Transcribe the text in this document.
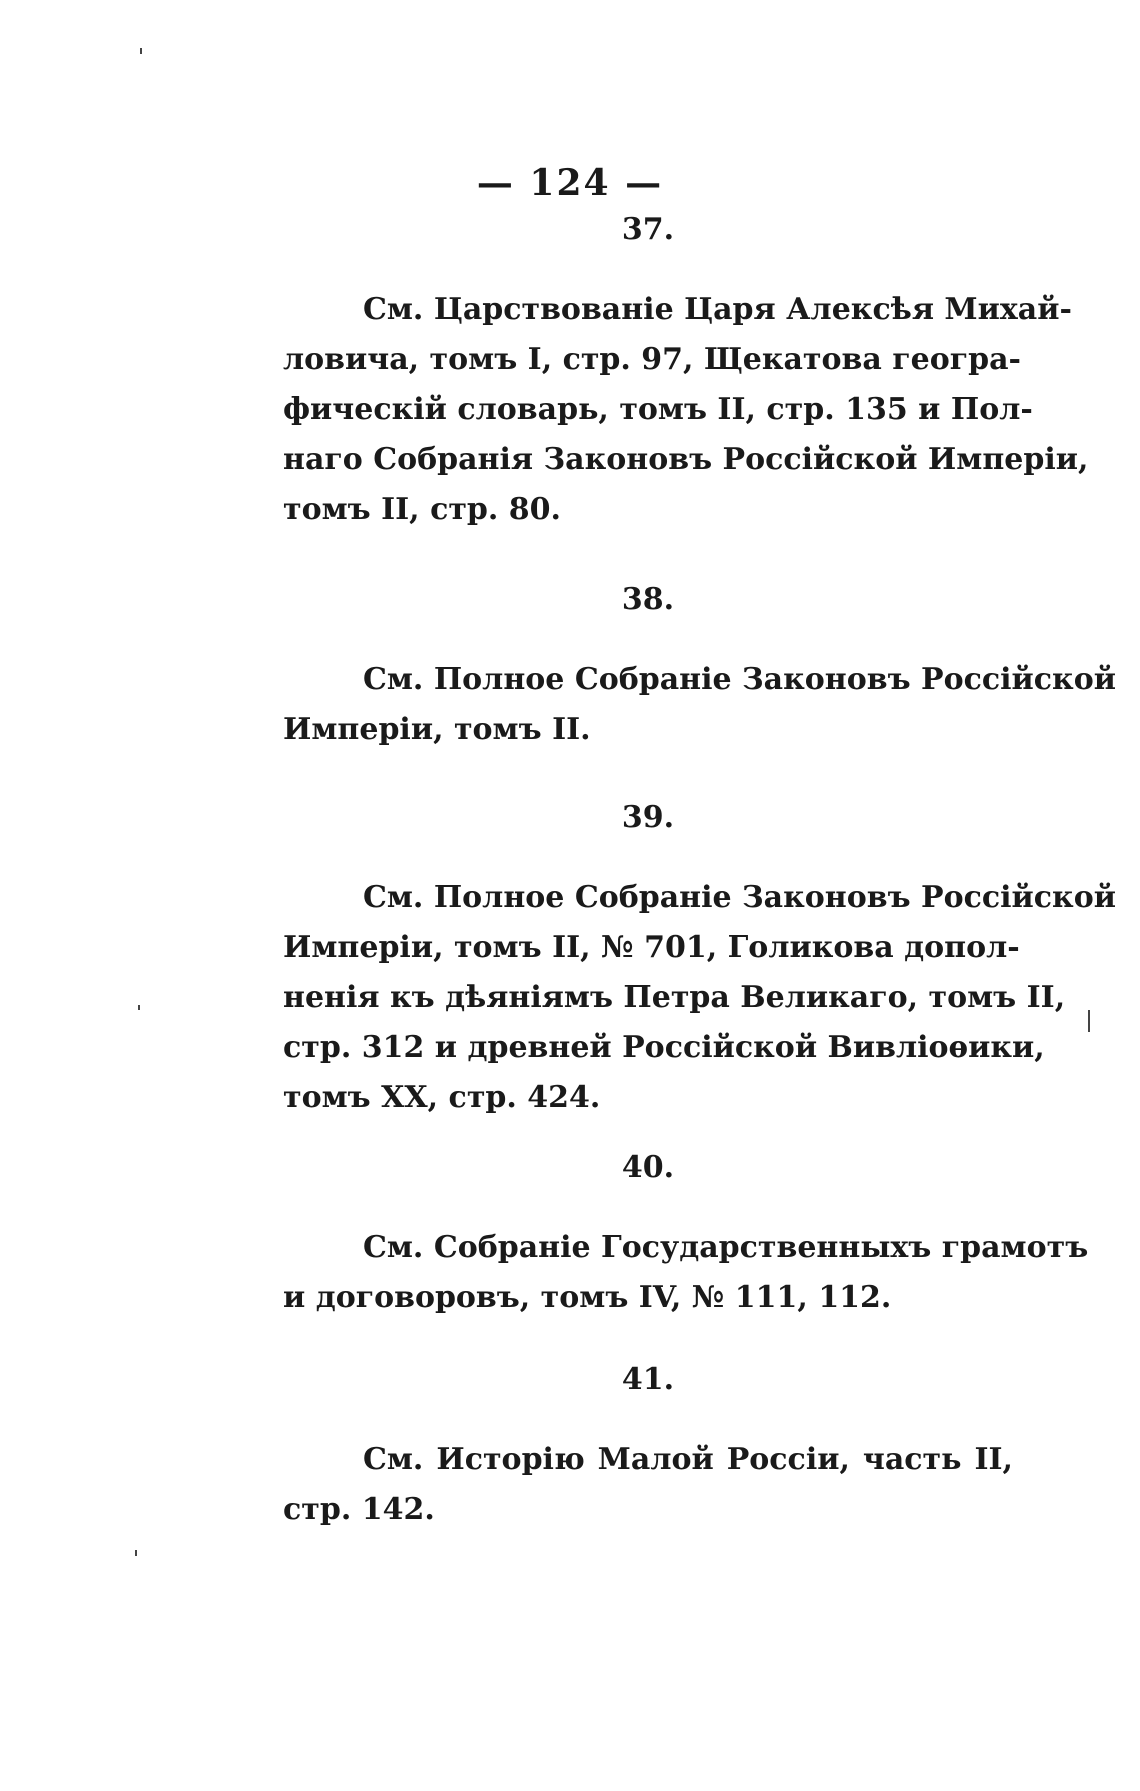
— 124 —
37.
См. Царствованіе Царя Алексѣя Михай-
ловича, томъ I, стр. 97, Щекатова геогра-
фическій словарь, томъ II, стр. 135 и Пол-
наго Собранія Законовъ Россійской Имперіи,
томъ II, стр. 80.
38.
См. Полное Собраніе Законовъ Россійской
Имперіи, томъ II.
39.
См. Полное Собраніе Законовъ Россійской
Имперіи, томъ II, № 701, Голикова допол-
ненія къ дѣяніямъ Петра Великаго, томъ II,
стр. 312 и древней Россійской Вивліоѳики,
томъ XX, стр. 424.
40.
См. Собраніе Государственныхъ грамотъ
и договоровъ, томъ IV, № 111, 112.
41.
См. Исторію Малой Россіи, часть II,
стр. 142.
